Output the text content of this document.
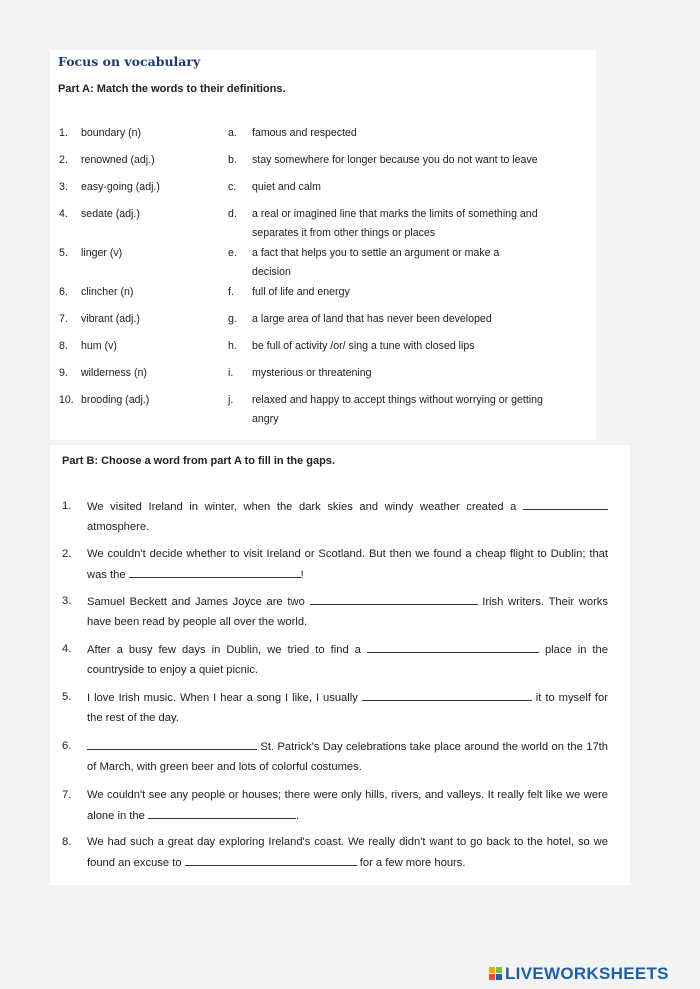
Focus on vocabulary
Part A: Match the words to their definitions.
1.	boundary (n)	a. famous and respected
2.	renowned (adj.)	b. stay somewhere for longer because you do not want to leave
3.	easy-going (adj.)	c. quiet and calm
4.	sedate (adj.)	d. a real or imagined line that marks the limits of something and separates it from other things or places
5.	linger (v)	e. a fact that helps you to settle an argument or make a decision
6.	clincher (n)	f. full of life and energy
7.	vibrant (adj.)	g. a large area of land that has never been developed
8.	hum (v)	h. be full of activity /or/ sing a tune with closed lips
9.	wilderness (n)	i. mysterious or threatening
10. brooding (adj.)	j. relaxed and happy to accept things without worrying or getting angry
Part B: Choose a word from part A to fill in the gaps.
1. We visited Ireland in winter, when the dark skies and windy weather created a  atmosphere.
2. We couldn't decide whether to visit Ireland or Scotland. But then we found a cheap flight to Dublin; that was the	!
3. Samuel Beckett and James Joyce are two	Irish writers. Their works have been read by people all over the world.
4. After a busy few days in Dublin, we tried to find a	place in the countryside to enjoy a quiet picnic.
5. I love Irish music. When I hear a song I like, I usually	it to myself for the rest of the day.
6.	St. Patrick's Day celebrations take place around the world on the 17th of March, with green beer and lots of colorful costumes.
7. We couldn't see any people or houses; there were only hills, rivers, and valleys. It really felt like we were alone in the	.
8. We had such a great day exploring Ireland's coast. We really didn't want to go back to the hotel, so we found an excuse to	for a few more hours.
LIVEWORKSHEETS
